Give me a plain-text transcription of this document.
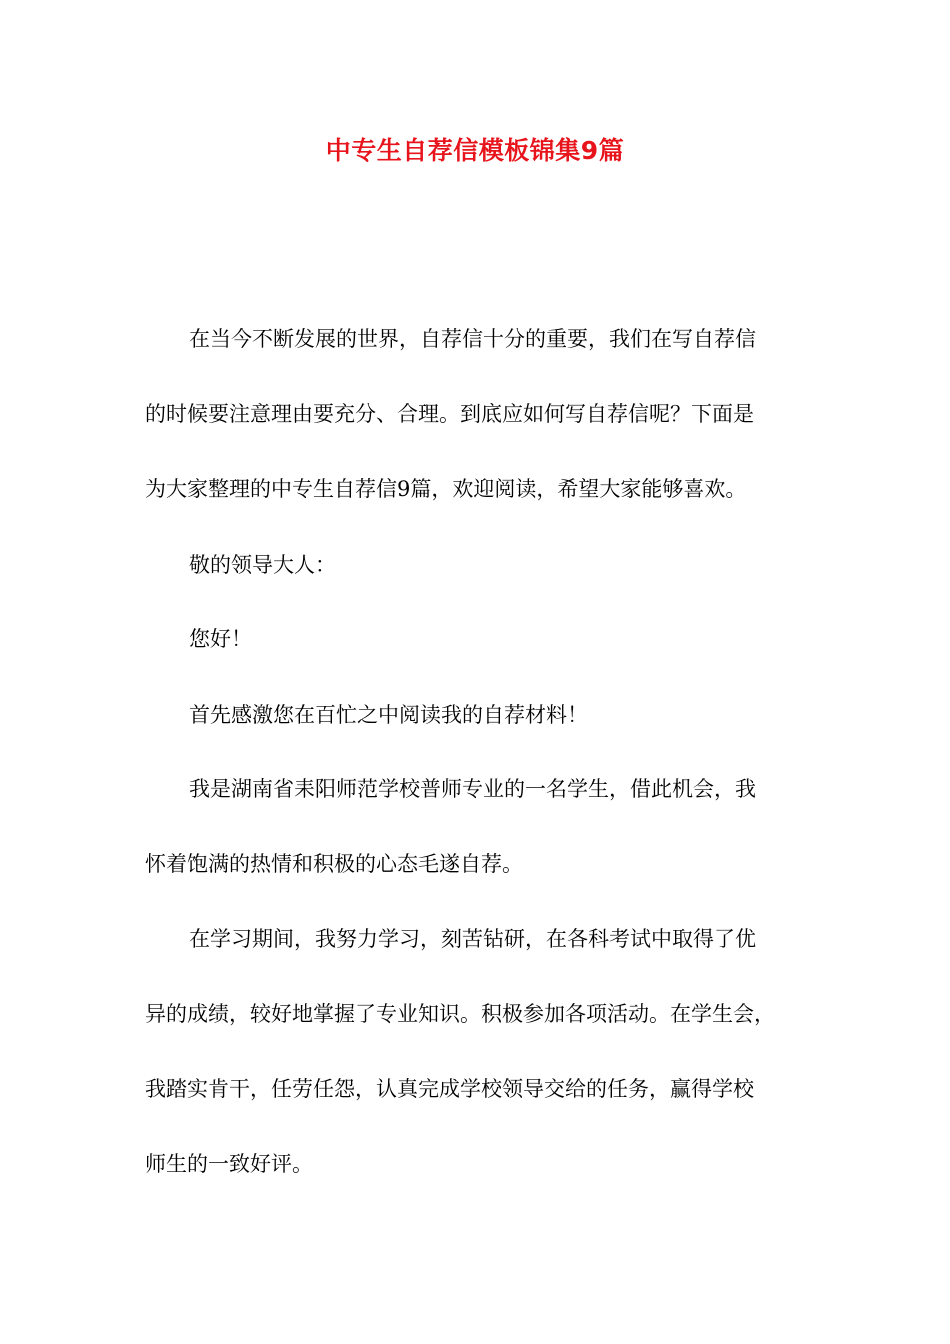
中专生自荐信模板锦集9篇
在当今不断发展的世界，自荐信十分的重要，我们在写自荐信
的时候要注意理由要充分、合理。到底应如何写自荐信呢？下面是
为大家整理的中专生自荐信9篇，欢迎阅读，希望大家能够喜欢。
敬的领导大人：
您好！
首先感激您在百忙之中阅读我的自荐材料！
我是湖南省耒阳师范学校普师专业的一名学生，借此机会，我
怀着饱满的热情和积极的心态毛遂自荐。
在学习期间，我努力学习，刻苦钻研，在各科考试中取得了优
异的成绩，较好地掌握了专业知识。积极参加各项活动。在学生会，
我踏实肯干，任劳任怨，认真完成学校领导交给的任务，赢得学校
师生的一致好评。
